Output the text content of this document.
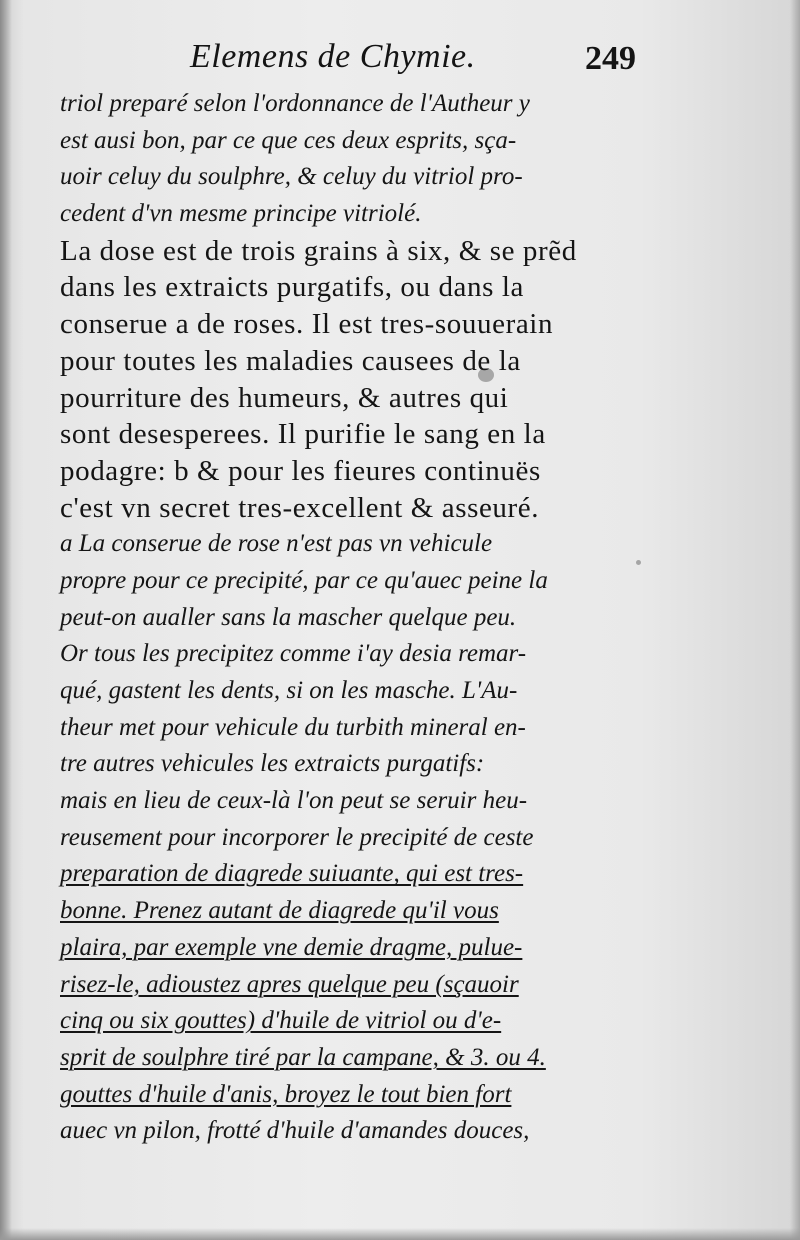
Elemens de Chymie.	249
triol preparé selon l'ordonnance de l'Autheur y
est ausi bon, par ce que ces deux esprits, sça-
uoir celuy du soulphre, & celuy du vitriol pro-
cedent d'vn mesme principe vitriolé.
La dose est de trois grains à six, & se prẽd
dans les extraicts purgatifs, ou dans la
conserue a de roses. Il est tres-souuerain
pour toutes les maladies causees de la
pourriture des humeurs, & autres qui
sont desesperees. Il purifie le sang en la
podagre: b & pour les fieures continuës
c'est vn secret tres-excellent & asseuré.
a La conserue de rose n'est pas vn vehicule
propre pour ce precipité, par ce qu'auec peine la
peut-on aualler sans la mascher quelque peu.
Or tous les precipitez comme i'ay desia remar-
qué, gastent les dents, si on les masche. L'Au-
theur met pour vehicule du turbith mineral en-
tre autres vehicules les extraicts purgatifs:
mais en lieu de ceux-là l'on peut se seruir heu-
reusement pour incorporer le precipité de ceste
preparation de diagrede suiuante, qui est tres-
bonne. Prenez autant de diagrede qu'il vous
plaira, par exemple vne demie dragme, pulue-
risez-le, adioustez apres quelque peu (sçauoir
cinq ou six gouttes) d'huile de vitriol ou d'e-
sprit de soulphre tiré par la campane, & 3. ou 4.
gouttes d'huile d'anis, broyez le tout bien fort
auec vn pilon, frotté d'huile d'amandes douces,
